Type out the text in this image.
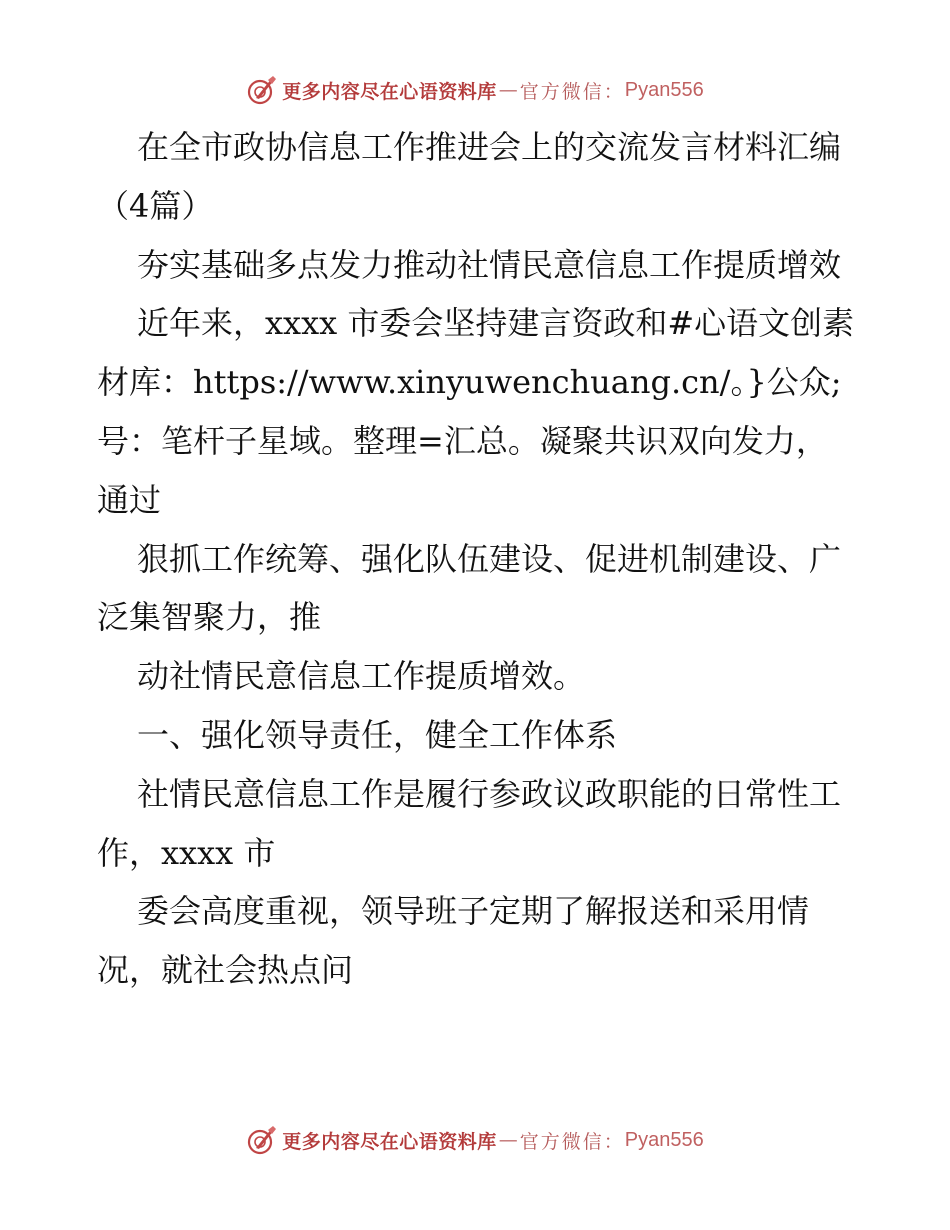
更多内容尽在心语资料库 — 官方微信： Pyan556

在全市政协信息工作推进会上的交流发言材料汇编（4篇）

夯实基础多点发力推动社情民意信息工作提质增效

近年来，xxxx 市委会坚持建言资政和#心语文创素材库：https://www.xinyuwenchuang.cn/。}公众;号：笔杆子星域。整理=汇总。凝聚共识双向发力，通过

狠抓工作统筹、强化队伍建设、促进机制建设、广泛集智聚力，推

动社情民意信息工作提质增效。

一、强化领导责任，健全工作体系

社情民意信息工作是履行参政议政职能的日常性工作，xxxx 市

委会高度重视，领导班子定期了解报送和采用情况，就社会热点问

更多内容尽在心语资料库 — 官方微信： Pyan556
